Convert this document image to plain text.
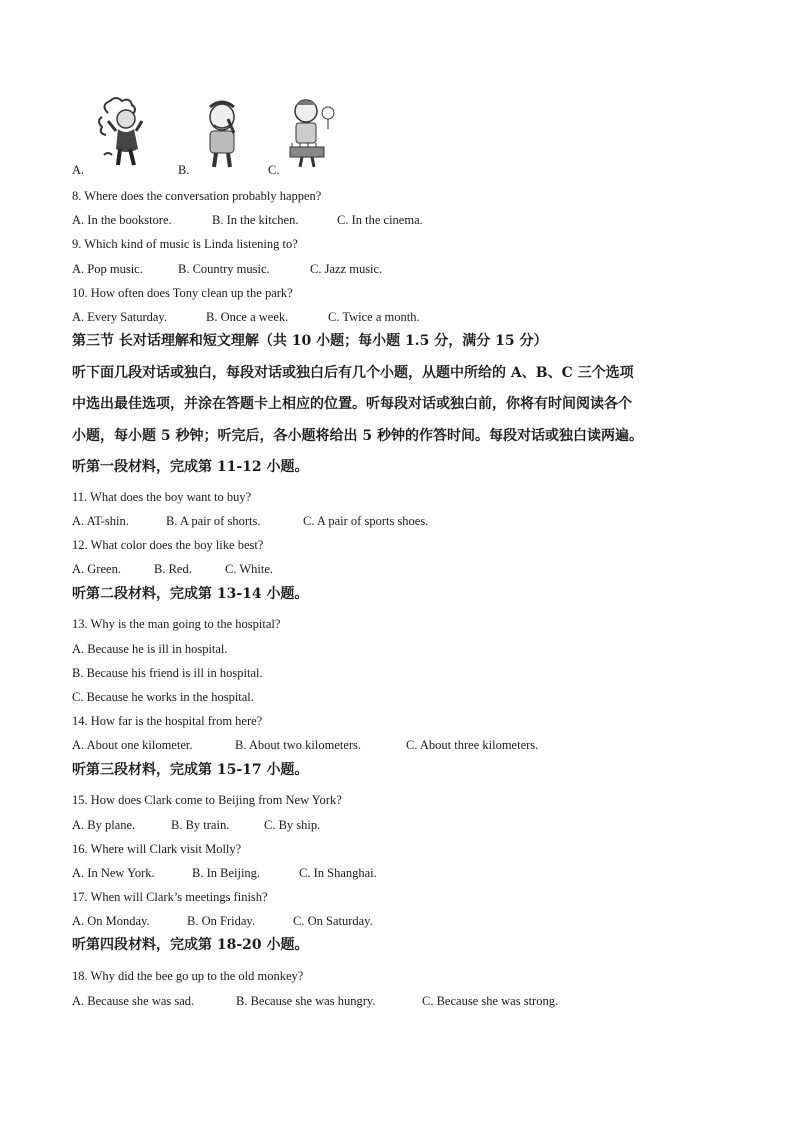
A.	B.	C.
8. Where does the conversation probably happen?
A. In the bookstore.	B. In the kitchen.	C. In the cinema.
9. Which kind of music is Linda listening to?
A. Pop music.	B. Country music.	C. Jazz music.
10. How often does Tony clean up the park?
A. Every Saturday.	B. Once a week.	C. Twice a month.
第三节 长对话理解和短文理解（共 10 小题；每小题 1.5 分，满分 15 分）
听下面几段对话或独白，每段对话或独白后有几个小题，从题中所给的 A、B、C 三个选项
中选出最佳选项，并涂在答题卡上相应的位置。听每段对话或独白前，你将有时间阅读各个
小题，每小题 5 秒钟；听完后，各小题将给出 5 秒钟的作答时间。每段对话或独白读两遍。
听第一段材料，完成第 11-12 小题。
11. What does the boy want to buy?
A. AT-shin.	B. A pair of shorts.	C. A pair of sports shoes.
12. What color does the boy like best?
A. Green.	B. Red.	C. White.
听第二段材料，完成第 13-14 小题。
13. Why is the man going to the hospital?
A. Because he is ill in hospital.
B. Because his friend is ill in hospital.
C. Because he works in the hospital.
14. How far is the hospital from here?
A. About one kilometer.	B. About two kilometers.	C. About three kilometers.
听第三段材料，完成第 15-17 小题。
15. How does Clark come to Beijing from New York?
A. By plane.	B. By train.	C. By ship.
16. Where will Clark visit Molly?
A. In New York.	B. In Beijing.	C. In Shanghai.
17. When will Clark’s meetings finish?
A. On Monday.	B. On Friday.	C. On Saturday.
听第四段材料，完成第 18-20 小题。
18. Why did the bee go up to the old monkey?
A. Because she was sad.	B. Because she was hungry.	C. Because she was strong.
